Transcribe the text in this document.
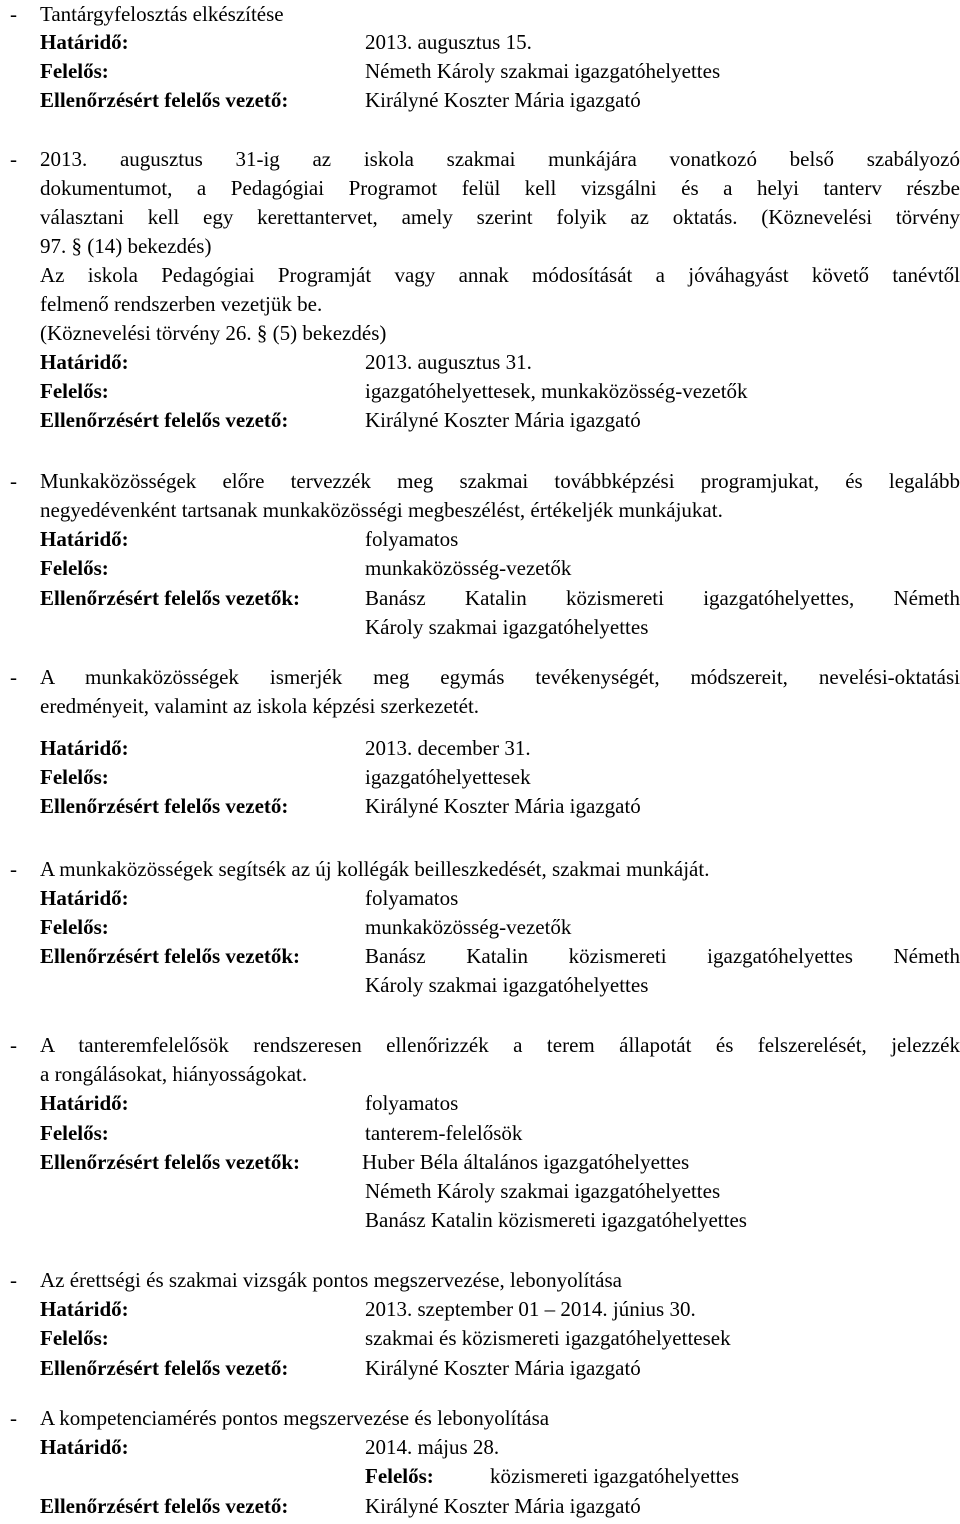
- Tantárgyfelosztás elkészítése
Határidő:	2013. augusztus 15.
Felelős:	Németh Károly szakmai igazgatóhelyettes
Ellenőrzésért felelős vezető:	Királyné Koszter Mária igazgató
- 2013. augusztus 31-ig az iskola szakmai munkájára vonatkozó belső szabályozó
dokumentumot, a Pedagógiai Programot felül kell vizsgálni és a helyi tanterv részbe
választani kell egy kerettantervet, amely szerint folyik az oktatás. (Köznevelési törvény
97. § (14) bekezdés)
Az iskola Pedagógiai Programját vagy annak módosítását a jóváhagyást követő tanévtől
felmenő rendszerben vezetjük be.
(Köznevelési törvény 26. § (5) bekezdés)
Határidő:	2013. augusztus 31.
Felelős:	igazgatóhelyettesek, munkaközösség-vezetők
Ellenőrzésért felelős vezető:	Királyné Koszter Mária igazgató
- Munkaközösségek előre tervezzék meg szakmai továbbképzési programjukat, és legalább
negyedévenként tartsanak munkaközösségi megbeszélést, értékeljék munkájukat.
Határidő:	folyamatos
Felelős:	munkaközösség-vezetők
Ellenőrzésért felelős vezetők:	Banász Katalin közismereti igazgatóhelyettes, Németh
Károly szakmai igazgatóhelyettes
- A munkaközösségek ismerjék meg egymás tevékenységét, módszereit, nevelési-oktatási
eredményeit, valamint az iskola képzési szerkezetét.
Határidő:	2013. december 31.
Felelős:	igazgatóhelyettesek
Ellenőrzésért felelős vezető:	Királyné Koszter Mária igazgató
- A munkaközösségek segítsék az új kollégák beilleszkedését, szakmai munkáját.
Határidő:	folyamatos
Felelős:	munkaközösség-vezetők
Ellenőrzésért felelős vezetők:	Banász Katalin közismereti igazgatóhelyettes Németh
Károly szakmai igazgatóhelyettes
- A tanteremfelelősök rendszeresen ellenőrizzék a terem állapotát és felszerelését, jelezzék
a rongálásokat, hiányosságokat.
Határidő:	folyamatos
Felelős:	tanterem-felelősök
Ellenőrzésért felelős vezetők:	Huber Béla általános igazgatóhelyettes
Németh Károly szakmai igazgatóhelyettes
Banász Katalin közismereti igazgatóhelyettes
- Az érettségi és szakmai vizsgák pontos megszervezése, lebonyolítása
Határidő:	2013. szeptember 01 – 2014. június 30.
Felelős:	szakmai és közismereti igazgatóhelyettesek
Ellenőrzésért felelős vezető:	Királyné Koszter Mária igazgató
- A kompetenciamérés pontos megszervezése és lebonyolítása
Határidő:	2014. május 28.
Felelős:	közismereti igazgatóhelyettes
Ellenőrzésért felelős vezető:	Királyné Koszter Mária igazgató
